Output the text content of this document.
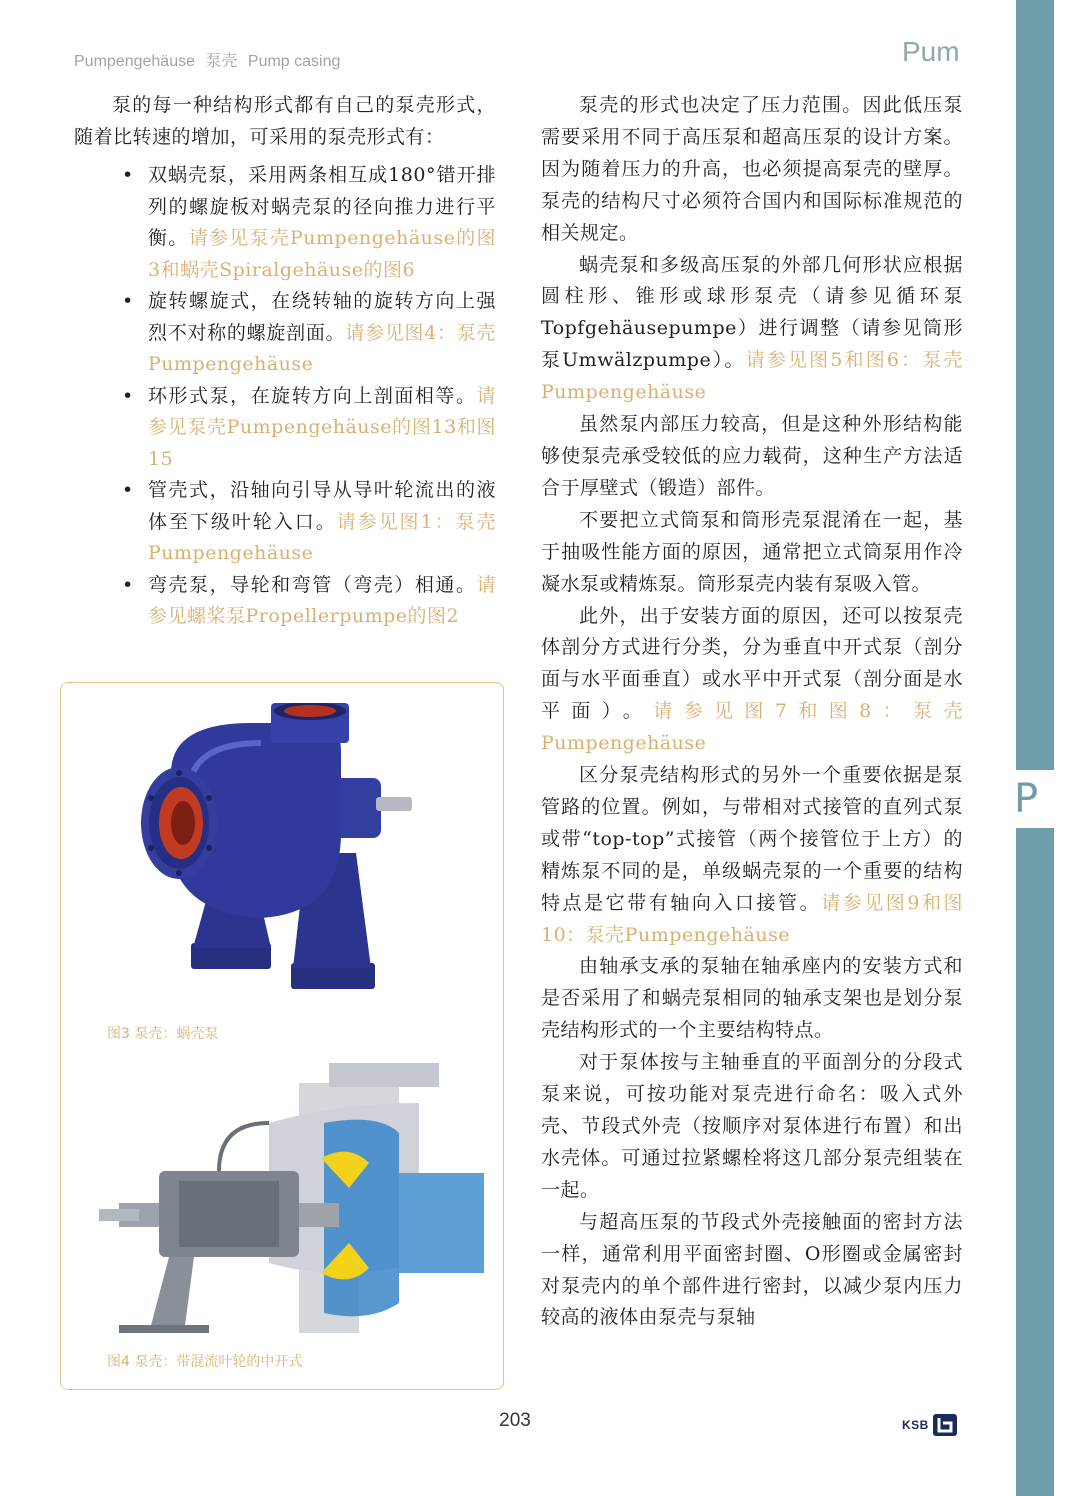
P
Pumpengehäuse 泵壳 Pump casing	Pum

泵的每一种结构形式都有自己的泵壳形式，随着比转速的增加，可采用的泵壳形式有：

• 双蜗壳泵，采用两条相互成180°错开排列的螺旋板对蜗壳泵的径向推力进行平衡。请参见泵壳Pumpengehäuse的图3和蜗壳Spiralgehäuse的图6
• 旋转螺旋式，在绕转轴的旋转方向上强烈不对称的螺旋剖面。请参见图4：泵壳Pumpengehäuse
• 环形式泵，在旋转方向上剖面相等。请参见泵壳Pumpengehäuse的图13和图15
• 管壳式，沿轴向引导从导叶轮流出的液体至下级叶轮入口。请参见图1：泵壳Pumpengehäuse
• 弯壳泵，导轮和弯管（弯壳）相通。请参见螺桨泵Propellerpumpe的图2
图3 泵壳：蜗壳泵
图4 泵壳：带混流叶轮的中开式

泵壳的形式也决定了压力范围。因此低压泵需要采用不同于高压泵和超高压泵的设计方案。因为随着压力的升高，也必须提高泵壳的壁厚。泵壳的结构尺寸必须符合国内和国际标准规范的相关规定。

蜗壳泵和多级高压泵的外部几何形状应根据圆柱形、锥形或球形泵壳（请参见循环泵Topfgehäusepumpe）进行调整（请参见筒形泵Umwälzpumpe）。请参见图5和图6：泵壳Pumpengehäuse

虽然泵内部压力较高，但是这种外形结构能够使泵壳承受较低的应力载荷，这种生产方法适合于厚壁式（锻造）部件。

不要把立式筒泵和筒形壳泵混淆在一起，基于抽吸性能方面的原因，通常把立式筒泵用作冷凝水泵或精炼泵。筒形泵壳内装有泵吸入管。

此外，出于安装方面的原因，还可以按泵壳体剖分方式进行分类，分为垂直中开式泵（剖分面与水平面垂直）或水平中开式泵（剖分面是水平面）。请参见图7和图8：泵壳Pumpengehäuse

区分泵壳结构形式的另外一个重要依据是泵管路的位置。例如，与带相对式接管的直列式泵或带“top-top”式接管（两个接管位于上方）的精炼泵不同的是，单级蜗壳泵的一个重要的结构特点是它带有轴向入口接管。请参见图9和图10：泵壳Pumpengehäuse

由轴承支承的泵轴在轴承座内的安装方式和是否采用了和蜗壳泵相同的轴承支架也是划分泵壳结构形式的一个主要结构特点。

对于泵体按与主轴垂直的平面剖分的分段式泵来说，可按功能对泵壳进行命名：吸入式外壳、节段式外壳（按顺序对泵体进行布置）和出水壳体。可通过拉紧螺栓将这几部分泵壳组装在一起。

与超高压泵的节段式外壳接触面的密封方法一样，通常利用平面密封圈、O形圈或金属密封对泵壳内的单个部件进行密封，以减少泵内压力较高的液体由泵壳与泵轴

203	KSB
